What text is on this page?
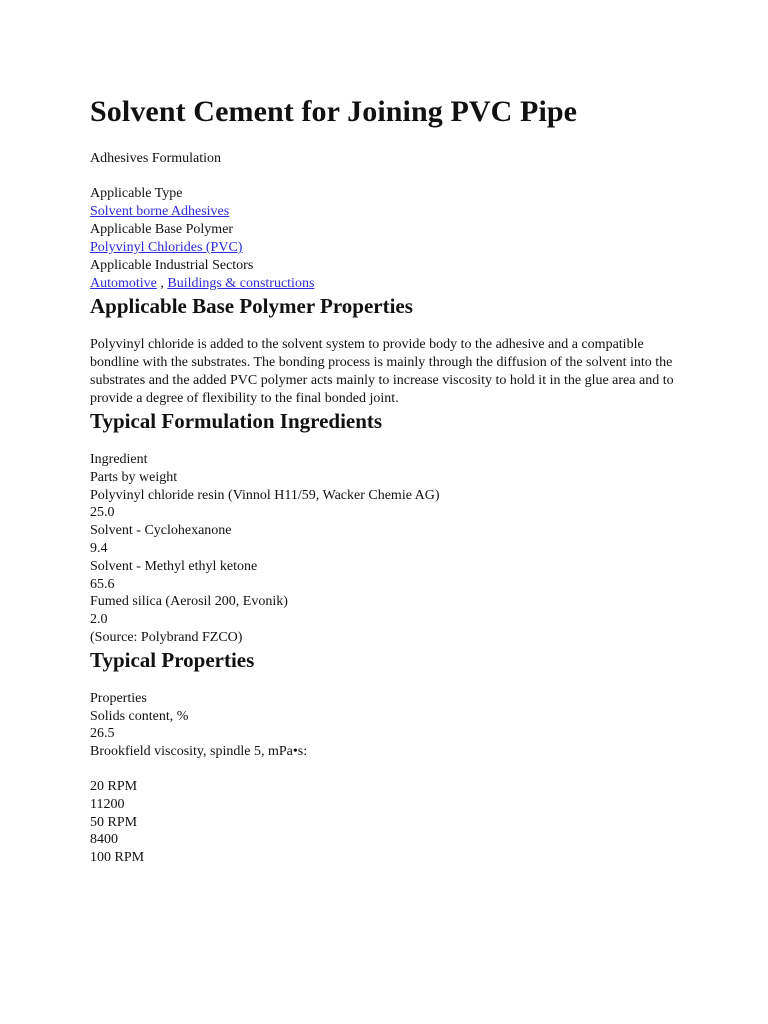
Solvent Cement for Joining PVC Pipe
Adhesives Formulation
Applicable Type
Solvent borne Adhesives
Applicable Base Polymer
Polyvinyl Chlorides (PVC)
Applicable Industrial Sectors
Automotive , Buildings & constructions
Applicable Base Polymer Properties
Polyvinyl chloride is added to the solvent system to provide body to the adhesive and a compatible bondline with the substrates. The bonding process is mainly through the diffusion of the solvent into the substrates and the added PVC polymer acts mainly to increase viscosity to hold it in the glue area and to provide a degree of flexibility to the final bonded joint.
Typical Formulation Ingredients
Ingredient
Parts by weight
Polyvinyl chloride resin (Vinnol H11/59, Wacker Chemie AG)
25.0
Solvent - Cyclohexanone
9.4
Solvent - Methyl ethyl ketone
65.6
Fumed silica (Aerosil 200, Evonik)
2.0
(Source: Polybrand FZCO)
Typical Properties
Properties
Solids content, %
26.5
Brookfield viscosity, spindle 5, mPa•s:
20 RPM
11200
50 RPM
8400
100 RPM
